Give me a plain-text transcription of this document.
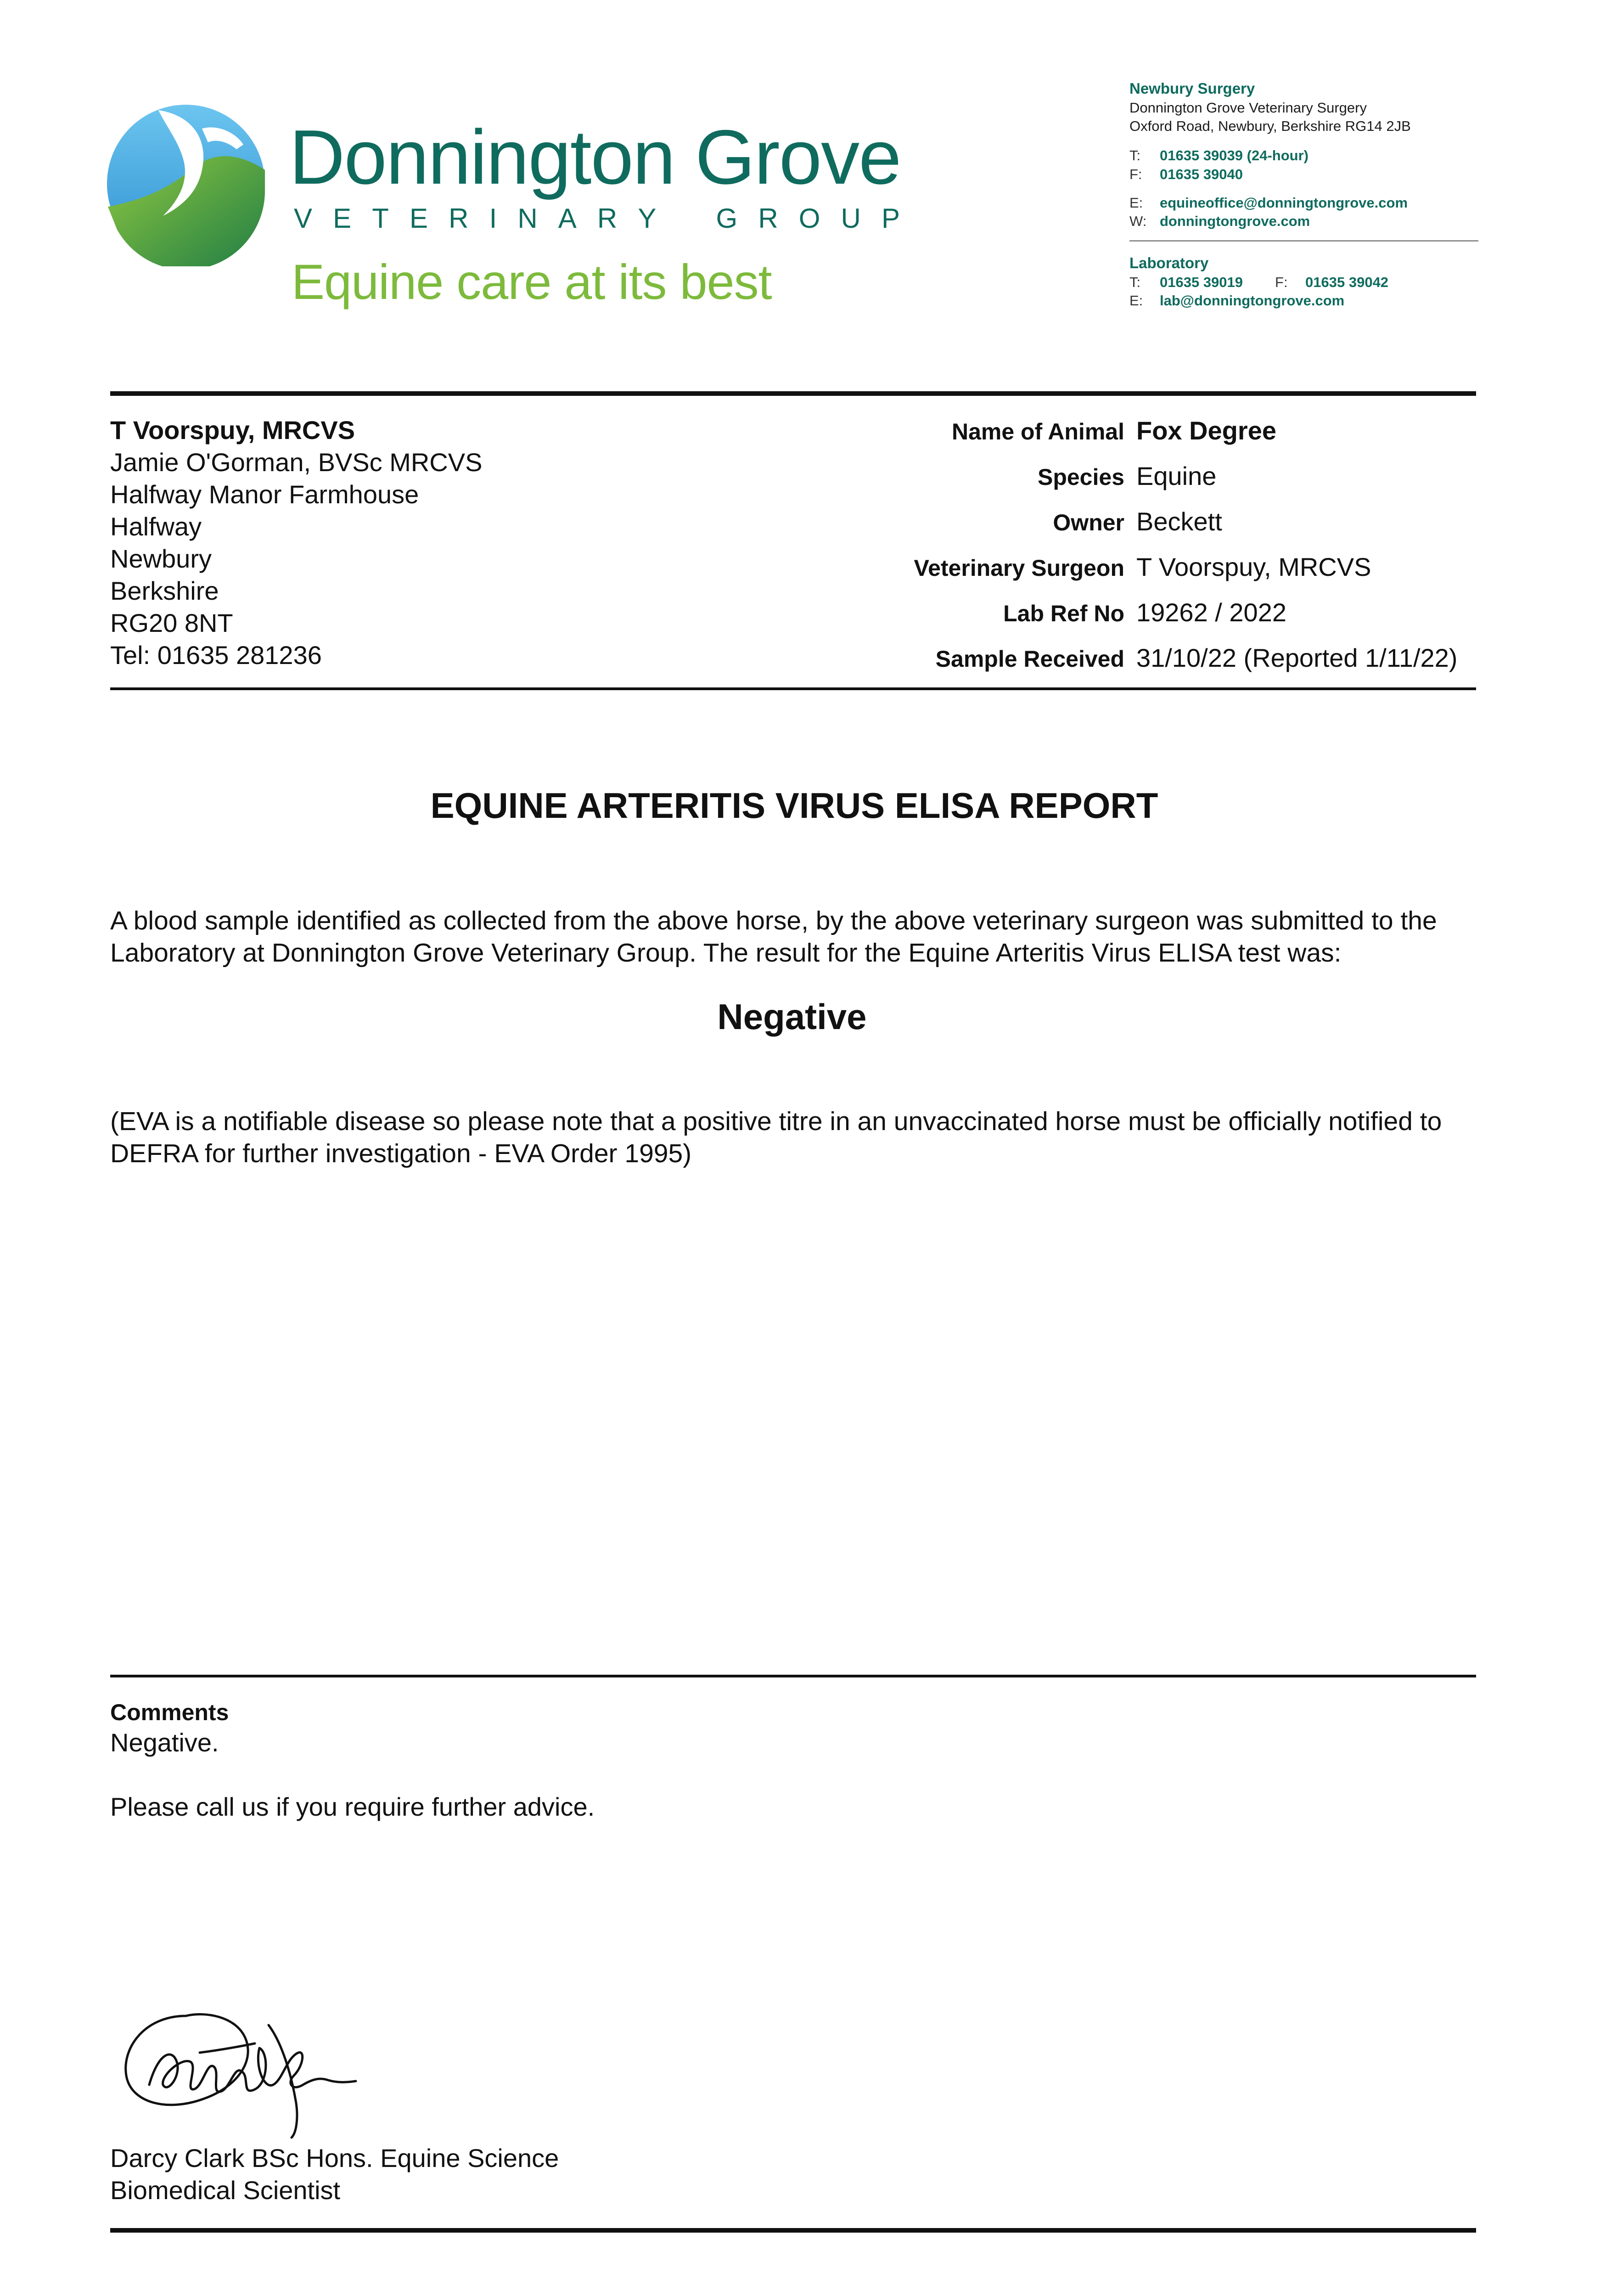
Donnington Grove
V E T E R I N A R Y G R O U P
Equine care at its best
Newbury Surgery
Donnington Grove Veterinary Surgery
Oxford Road, Newbury, Berkshire RG14 2JB
T:	01635 39039 (24-hour)
F:	01635 39040
E:	equineoffice@donningtongrove.com
W: donningtongrove.com
Laboratory
T:	01635 39019 F:	01635 39042
E:	lab@donningtongrove.com
T Voorspuy, MRCVS
Jamie O'Gorman, BVSc MRCVS
Halfway Manor Farmhouse
Halfway
Newbury
Berkshire
RG20 8NT
Tel: 01635 281236
Name of Animal Fox Degree
Species Equine
Owner Beckett
Veterinary Surgeon T Voorspuy, MRCVS
Lab Ref No 19262 / 2022
Sample Received 31/10/22 (Reported 1/11/22)
EQUINE ARTERITIS VIRUS ELISA REPORT
A blood sample identified as collected from the above horse, by the above veterinary surgeon was submitted to the Laboratory at Donnington Grove Veterinary Group. The result for the Equine Arteritis Virus ELISA test was:
Negative
(EVA is a notifiable disease so please note that a positive titre in an unvaccinated horse must be officially notified to DEFRA for further investigation - EVA Order 1995)
Comments
Negative.
Please call us if you require further advice.
Darcy Clark BSc Hons. Equine Science
Biomedical Scientist
